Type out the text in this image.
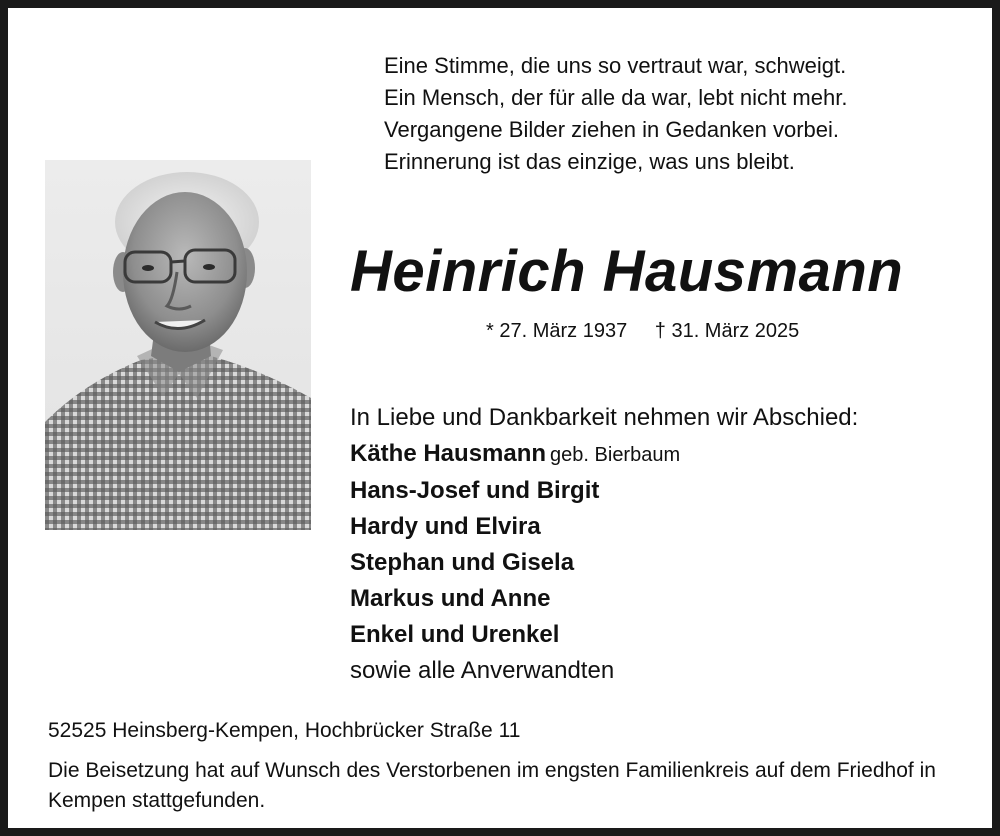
Eine Stimme, die uns so vertraut war, schweigt.
Ein Mensch, der für alle da war, lebt nicht mehr.
Vergangene Bilder ziehen in Gedanken vorbei.
Erinnerung ist das einzige, was uns bleibt.
Heinrich Hausmann
* 27. März 1937 † 31. März 2025
In Liebe und Dankbarkeit nehmen wir Abschied:
Käthe Hausmann geb. Bierbaum
Hans-Josef und Birgit
Hardy und Elvira
Stephan und Gisela
Markus und Anne
Enkel und Urenkel
sowie alle Anverwandten
52525 Heinsberg-Kempen, Hochbrücker Straße 11
Die Beisetzung hat auf Wunsch des Verstorbenen im engsten Familienkreis auf dem Friedhof in Kempen stattgefunden.
